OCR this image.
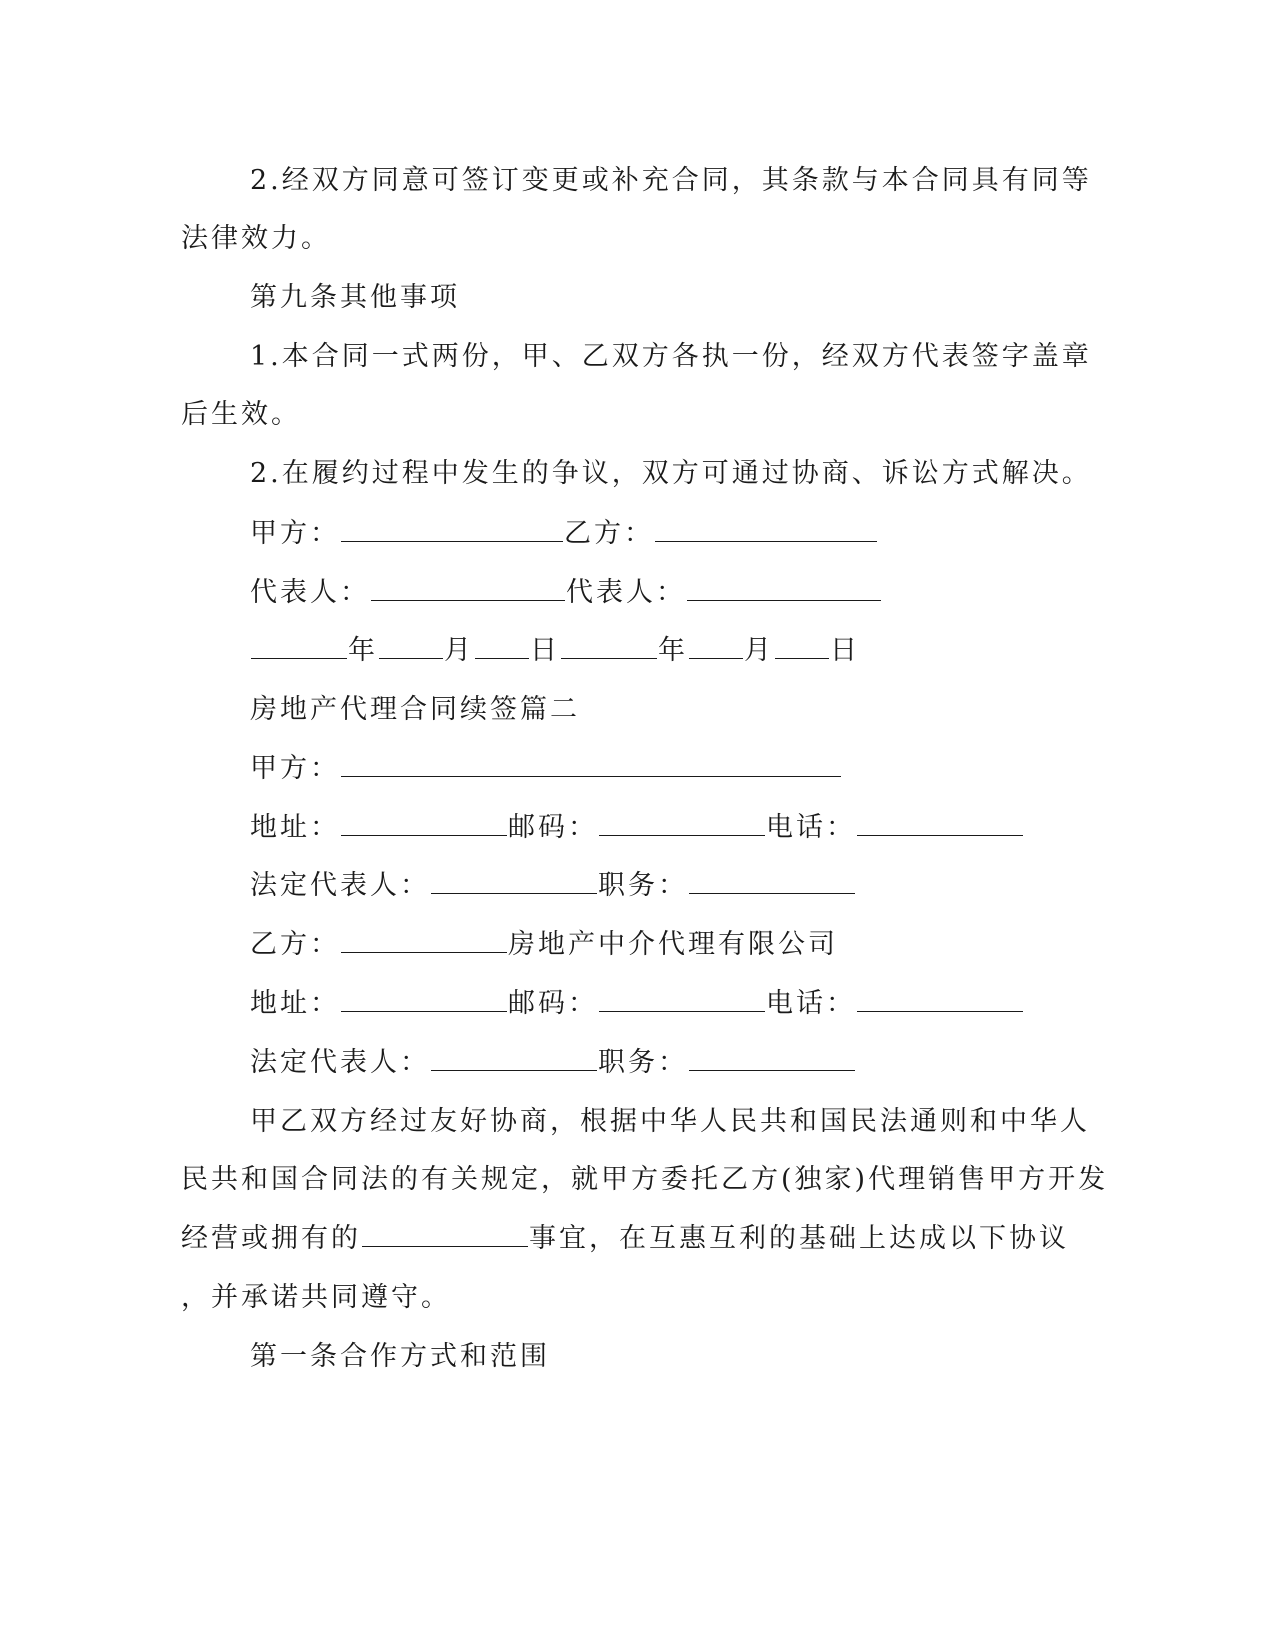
2.经双方同意可签订变更或补充合同，其条款与本合同具有同等
法律效力。
第九条其他事项
1.本合同一式两份，甲、乙双方各执一份，经双方代表签字盖章
后生效。
2.在履约过程中发生的争议，双方可通过协商、诉讼方式解决。
甲方：	乙方：
代表人：	代表人：
年 月 日	年 月 日
房地产代理合同续签篇二
甲方：
地址：	邮码：	电话：
法定代表人：	职务：
乙方：	房地产中介代理有限公司
地址：	邮码：	电话：
法定代表人：	职务：
甲乙双方经过友好协商，根据中华人民共和国民法通则和中华人
民共和国合同法的有关规定，就甲方委托乙方(独家)代理销售甲方开发
经营或拥有的	事宜，在互惠互利的基础上达成以下协议
，并承诺共同遵守。
第一条合作方式和范围
